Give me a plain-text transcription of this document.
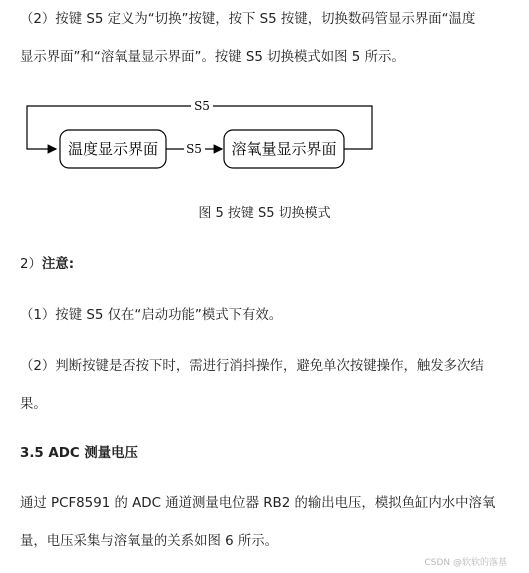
（2）按键 S5 定义为“切换”按键，按下 S5 按键，切换数码管显示界面“温度

显示界面”和“溶氧量显示界面”。按键 S5 切换模式如图 5 所示。

温度显示界面	溶氧量显示界面
S5
S5
图 5 按键 S5 切换模式

2）注意:

（1）按键 S5 仅在“启动功能”模式下有效。

（2）判断按键是否按下时，需进行消抖操作，避免单次按键操作，触发多次结

果。

3.5 ADC 测量电压

通过 PCF8591 的 ADC 通道测量电位器 RB2 的输出电压，模拟鱼缸内水中溶氧

量，电压采集与溶氧量的关系如图 6 所示。

CSDN @软软的落基
